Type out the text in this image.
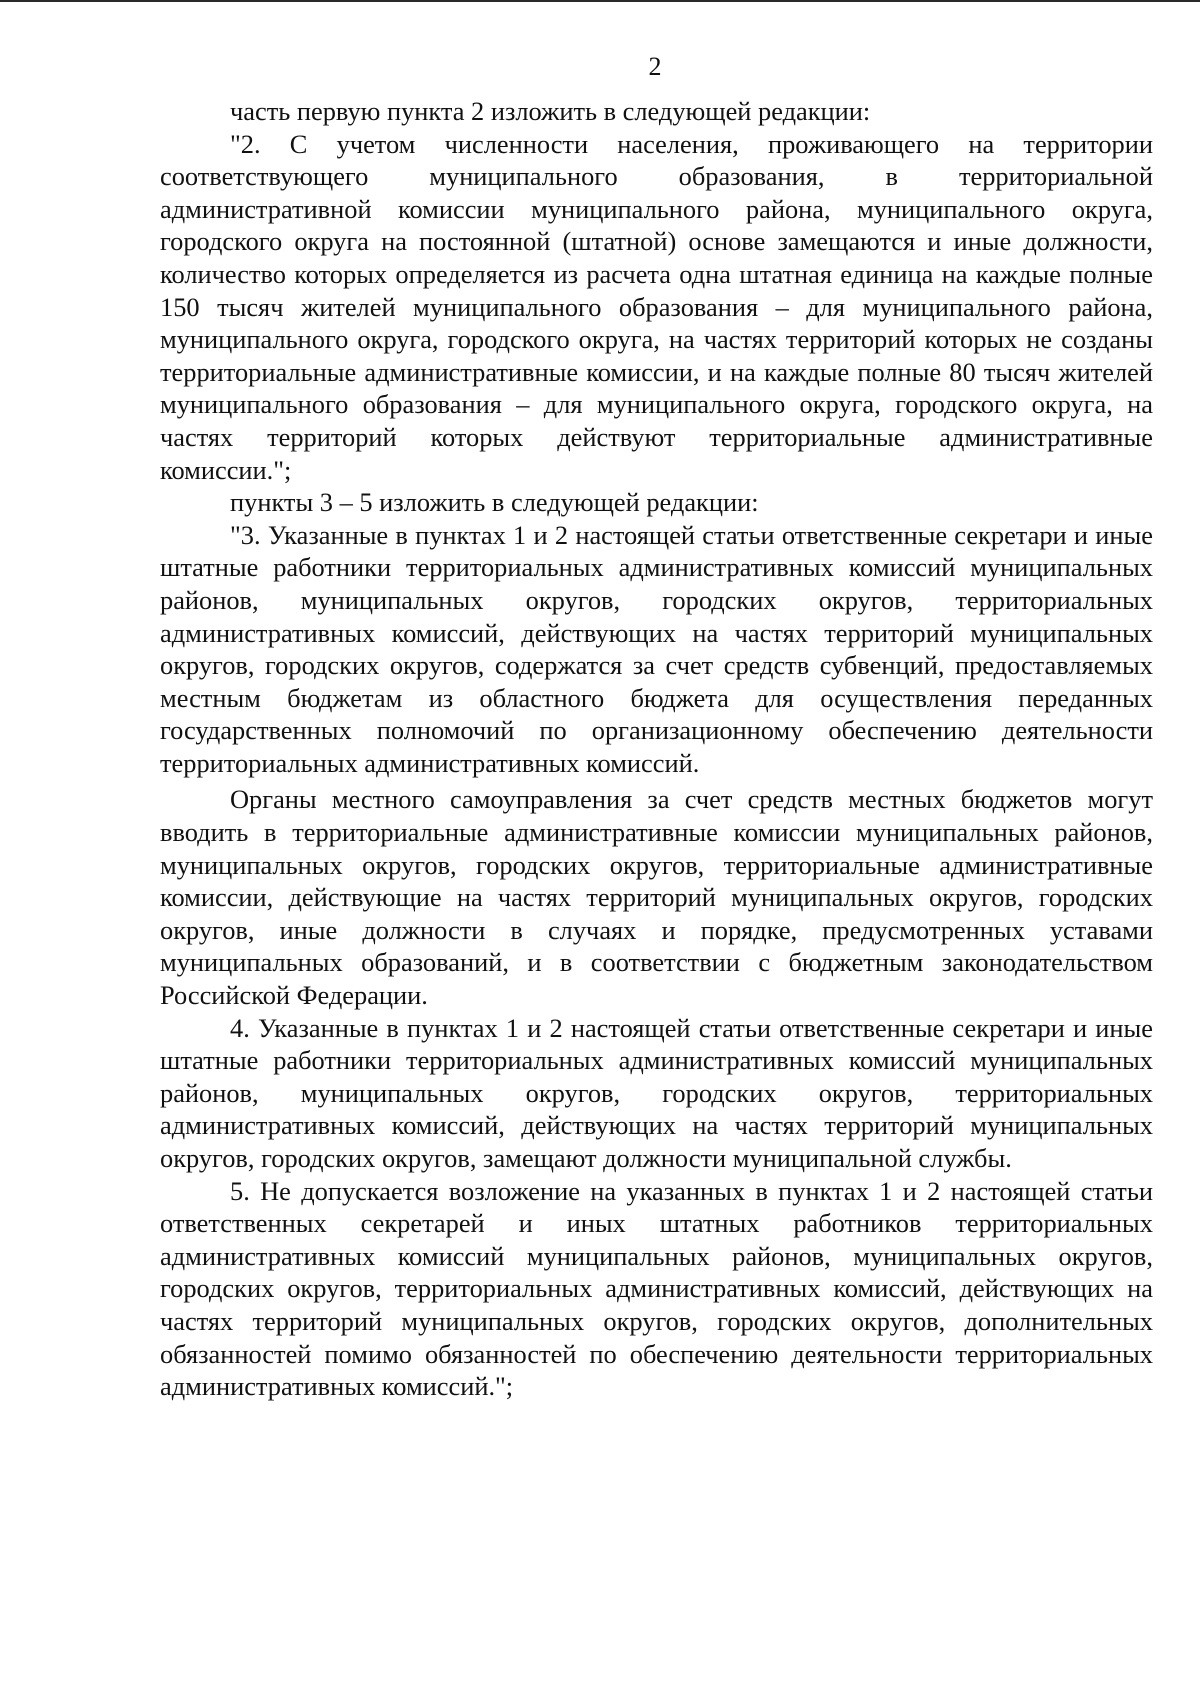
2

часть первую пункта 2 изложить в следующей редакции:

"2. С учетом численности населения, проживающего на территории соответствующего муниципального образования, в территориальной административной комиссии муниципального района, муниципального округа, городского округа на постоянной (штатной) основе замещаются и иные должности, количество которых определяется из расчета одна штатная единица на каждые полные 150 тысяч жителей муниципального образования – для муниципального района, муниципального округа, городского округа, на частях территорий которых не созданы территориальные административные комиссии, и на каждые полные 80 тысяч жителей муниципального образования – для муниципального округа, городского округа, на частях территорий которых действуют территориальные административные комиссии.";

пункты 3 – 5 изложить в следующей редакции:

"3. Указанные в пунктах 1 и 2 настоящей статьи ответственные секретари и иные штатные работники территориальных административных комиссий муниципальных районов, муниципальных округов, городских округов, территориальных административных комиссий, действующих на частях территорий муниципальных округов, городских округов, содержатся за счет средств субвенций, предоставляемых местным бюджетам из областного бюджета для осуществления переданных государственных полномочий по организационному обеспечению деятельности территориальных административных комиссий.

Органы местного самоуправления за счет средств местных бюджетов могут вводить в территориальные административные комиссии муниципальных районов, муниципальных округов, городских округов, территориальные административные комиссии, действующие на частях территорий муниципальных округов, городских округов, иные должности в случаях и порядке, предусмотренных уставами муниципальных образований, и в соответствии с бюджетным законодательством Российской Федерации.

4. Указанные в пунктах 1 и 2 настоящей статьи ответственные секретари и иные штатные работники территориальных административных комиссий муниципальных районов, муниципальных округов, городских округов, территориальных административных комиссий, действующих на частях территорий муниципальных округов, городских округов, замещают должности муниципальной службы.

5. Не допускается возложение на указанных в пунктах 1 и 2 настоящей статьи ответственных секретарей и иных штатных работников территориальных административных комиссий муниципальных районов, муниципальных округов, городских округов, территориальных административных комиссий, действующих на частях территорий муниципальных округов, городских округов, дополнительных обязанностей помимо обязанностей по обеспечению деятельности территориальных административных комиссий.";
